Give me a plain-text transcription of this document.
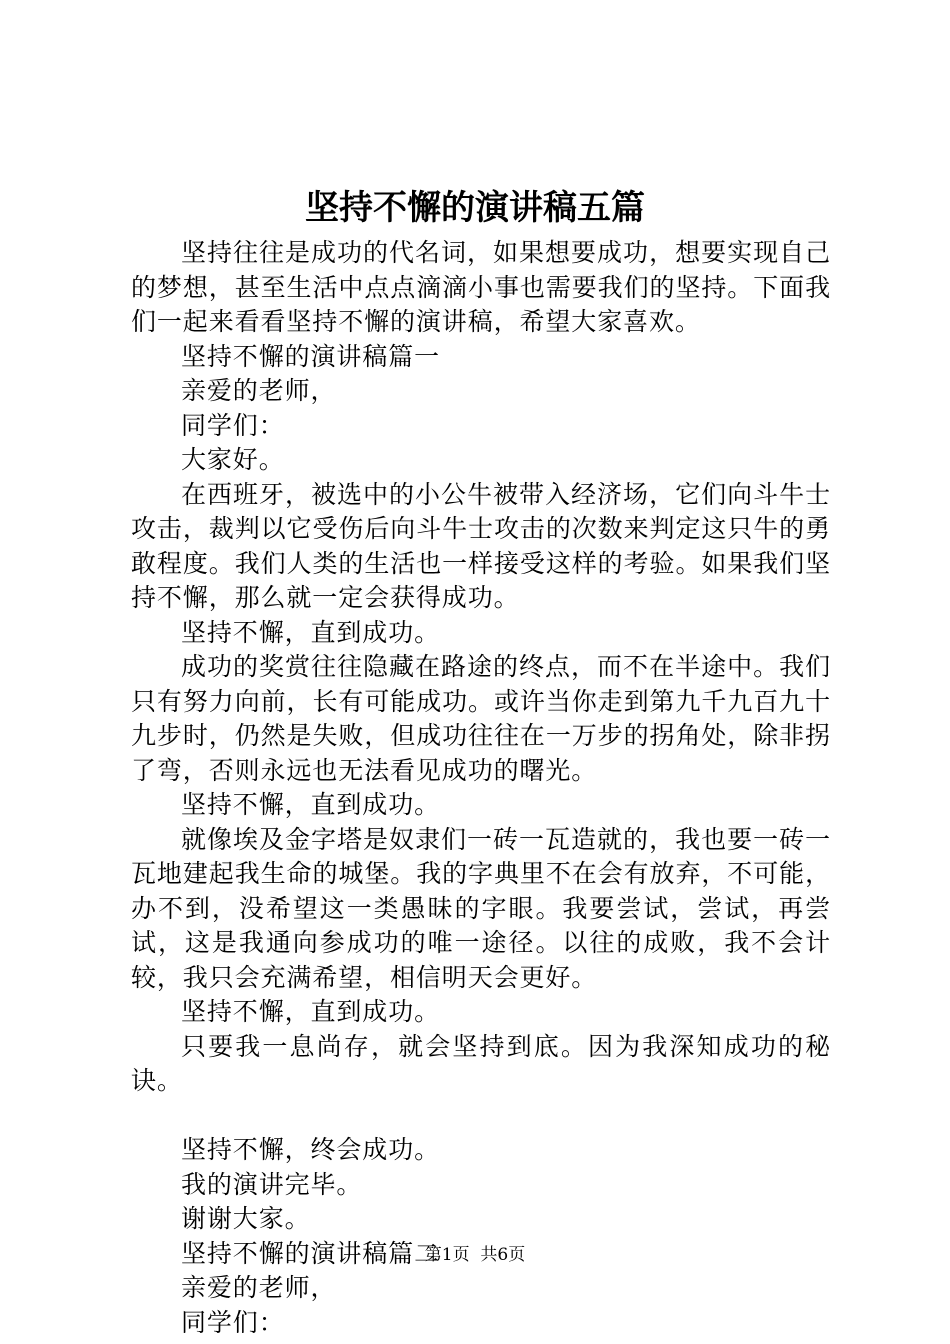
坚持不懈的演讲稿五篇

坚持往往是成功的代名词，如果想要成功，想要实现自己的梦想，甚至生活中点点滴滴小事也需要我们的坚持。下面我们一起来看看坚持不懈的演讲稿，希望大家喜欢。

坚持不懈的演讲稿篇一

亲爱的老师，

同学们：

大家好。

在西班牙，被选中的小公牛被带入经济场，它们向斗牛士攻击，裁判以它受伤后向斗牛士攻击的次数来判定这只牛的勇敢程度。我们人类的生活也一样接受这样的考验。如果我们坚持不懈，那么就一定会获得成功。

坚持不懈，直到成功。

成功的奖赏往往隐藏在路途的终点，而不在半途中。我们只有努力向前，长有可能成功。或许当你走到第九千九百九十九步时，仍然是失败，但成功往往在一万步的拐角处，除非拐了弯，否则永远也无法看见成功的曙光。

坚持不懈，直到成功。

就像埃及金字塔是奴隶们一砖一瓦造就的，我也要一砖一瓦地建起我生命的城堡。我的字典里不在会有放弃，不可能，办不到，没希望这一类愚昧的字眼。我要尝试，尝试，再尝试，这是我通向参成功的唯一途径。以往的成败，我不会计较，我只会充满希望，相信明天会更好。

坚持不懈，直到成功。

只要我一息尚存，就会坚持到底。因为我深知成功的秘诀。

坚持不懈，终会成功。

我的演讲完毕。

谢谢大家。

坚持不懈的演讲稿篇二

亲爱的老师，

同学们：

第1页  共6页
